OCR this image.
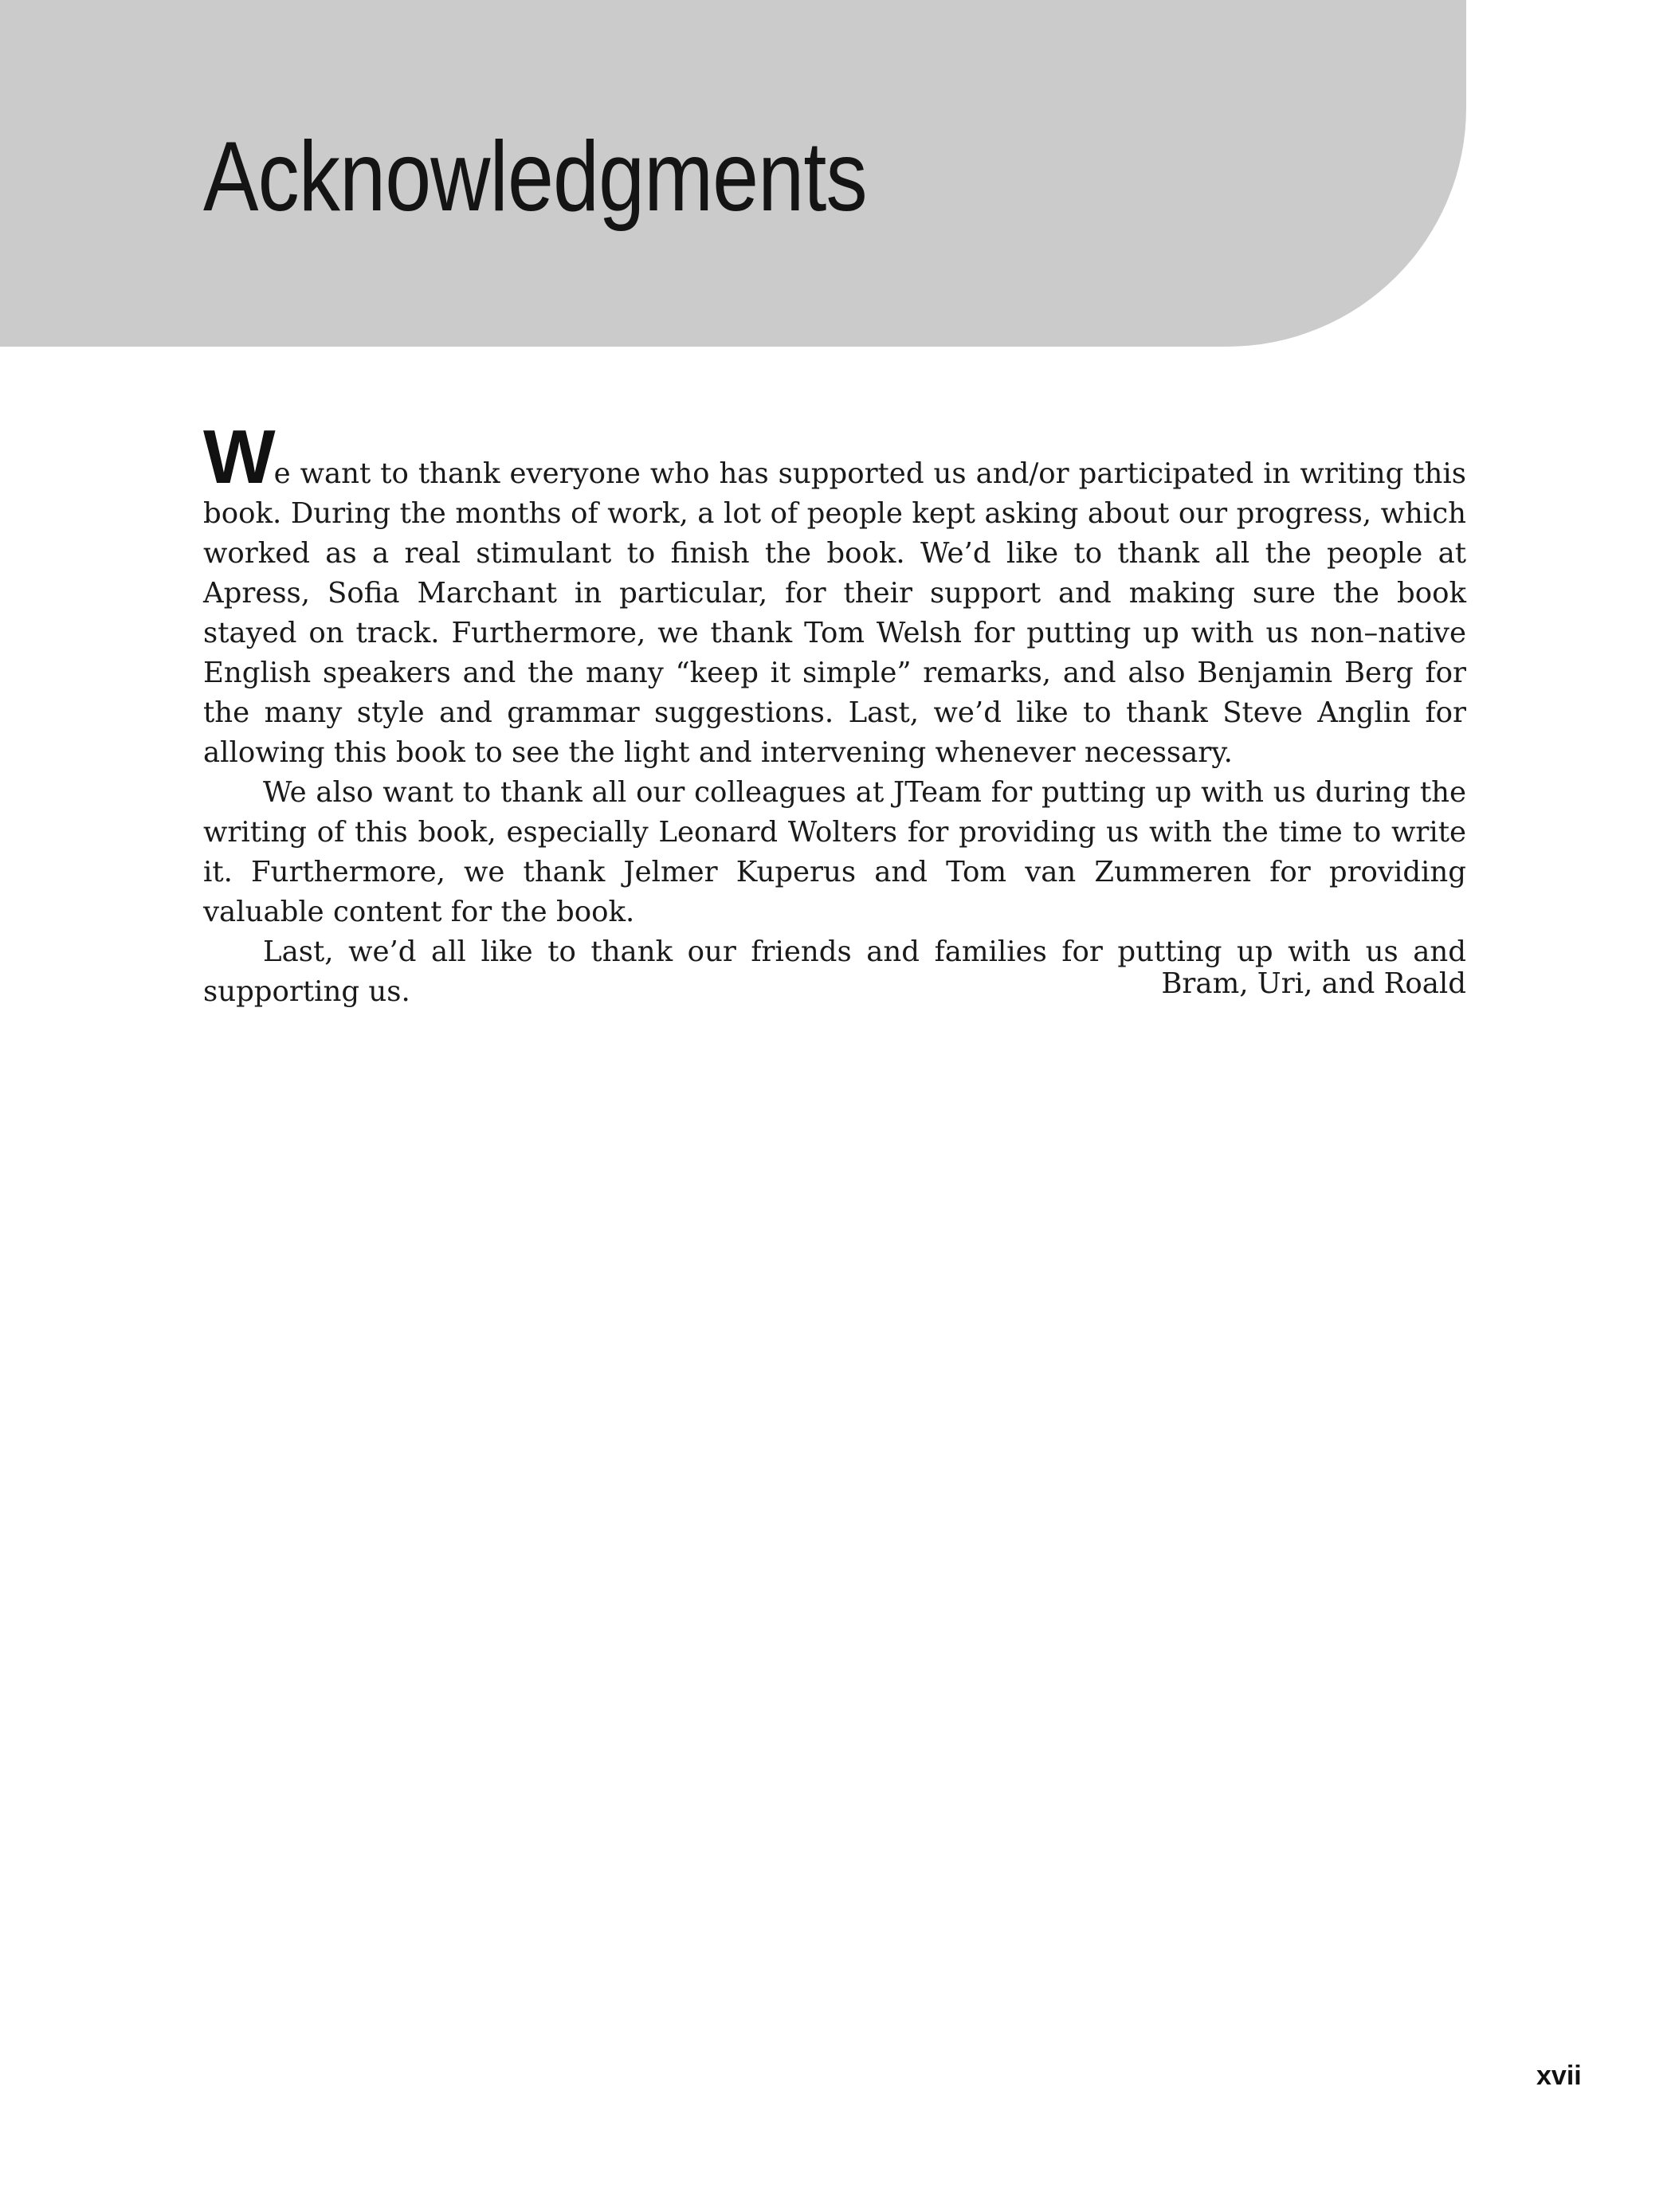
Acknowledgments

We want to thank everyone who has supported us and/or participated in writing this book. During the months of work, a lot of people kept asking about our progress, which worked as a real stimulant to finish the book. We’d like to thank all the people at Apress, Sofia Marchant in particular, for their support and making sure the book stayed on track. Furthermore, we thank Tom Welsh for putting up with us non–native English speakers and the many “keep it simple” remarks, and also Benjamin Berg for the many style and grammar suggestions. Last, we’d like to thank Steve Anglin for allowing this book to see the light and intervening whenever necessary.

We also want to thank all our colleagues at JTeam for putting up with us during the writing of this book, especially Leonard Wolters for providing us with the time to write it. Furthermore, we thank Jelmer Kuperus and Tom van Zummeren for providing valuable content for the book.

Last, we’d all like to thank our friends and families for putting up with us and supporting us.	Bram, Uri, and Roald
xvii
